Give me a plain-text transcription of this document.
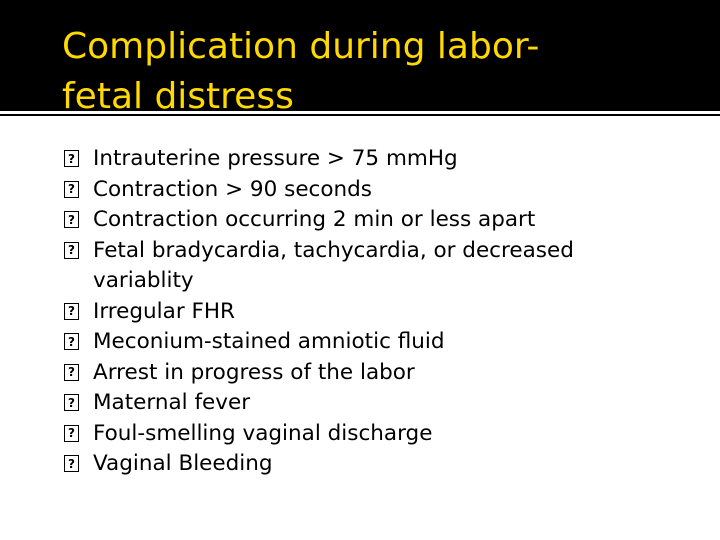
Complication during labor-
fetal distress
? Intrauterine pressure > 75 mmHg
? Contraction > 90 seconds
? Contraction occurring 2 min or less apart
? Fetal bradycardia, tachycardia, or decreased variablity
? Irregular FHR
? Meconium-stained amniotic fluid
? Arrest in progress of the labor
? Maternal fever
? Foul-smelling vaginal discharge
? Vaginal Bleeding
